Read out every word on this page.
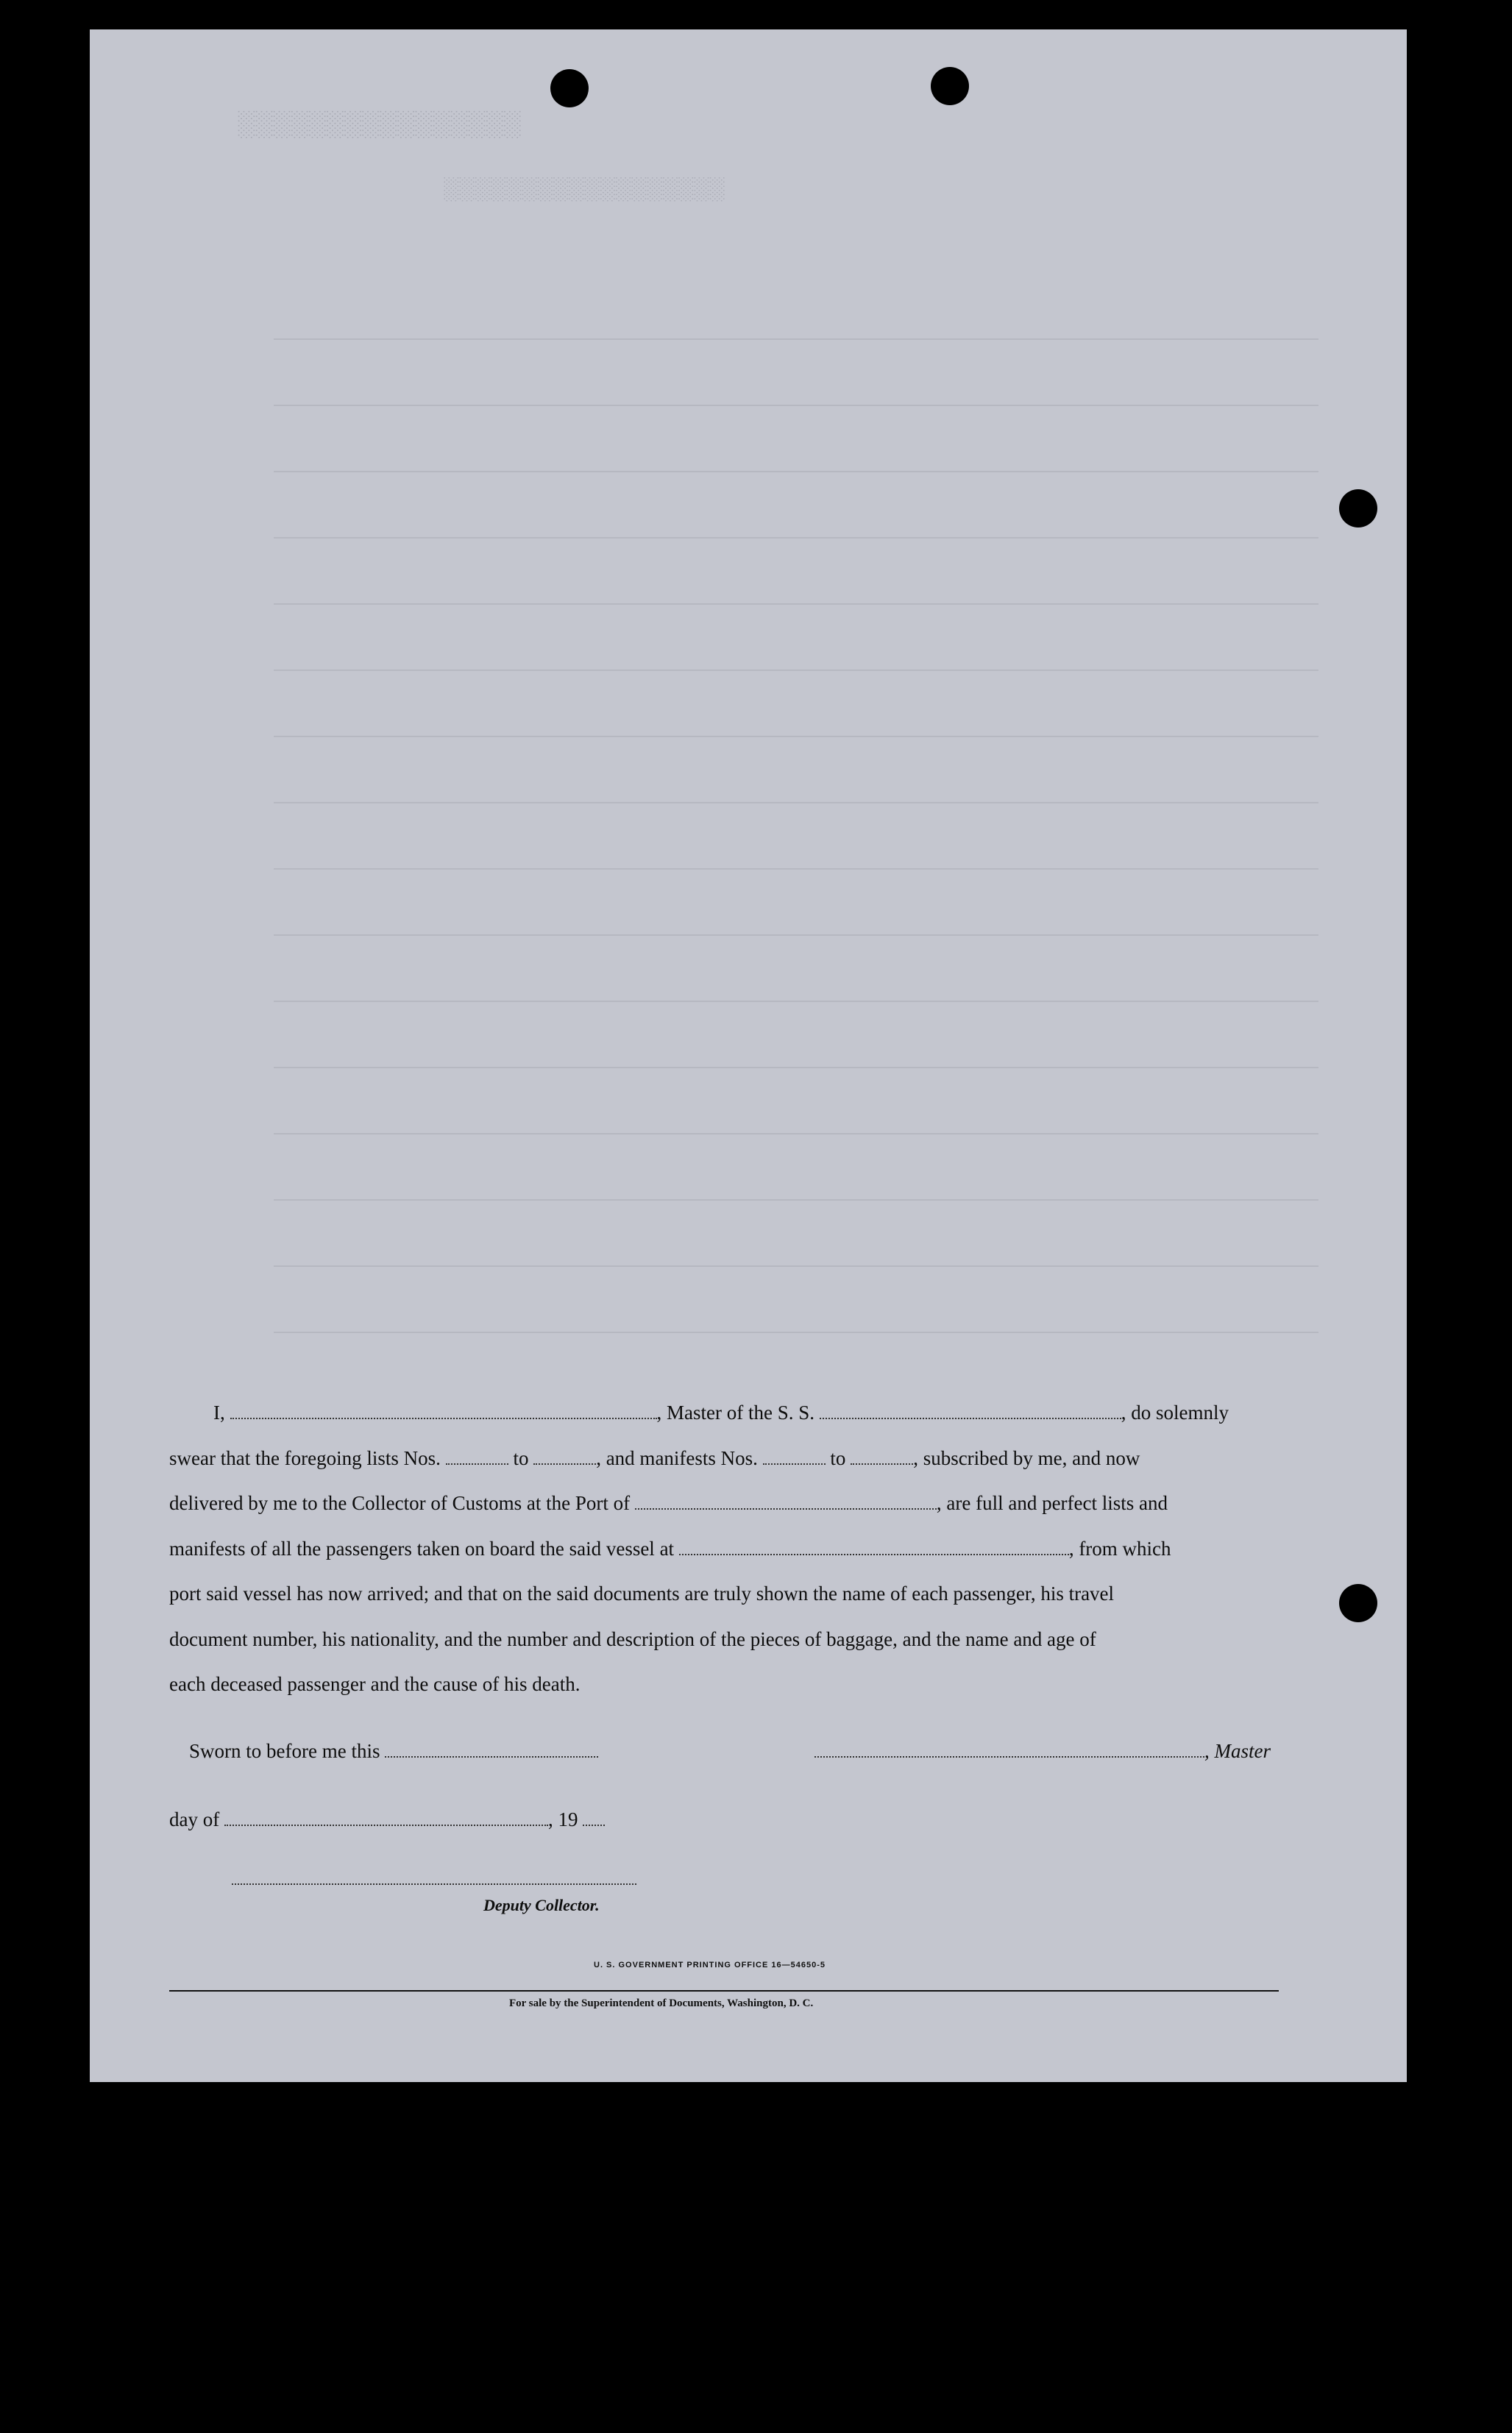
░░░░░░░░░░░░░░░░
░░░░░░░░░░░░░░░░░░

I,	, Master of the S. S.	, do solemnly

swear that the foregoing lists Nos.	to	, and manifests Nos.	to	, subscribed by me, and now

delivered by me to the Collector of Customs at the Port of	, are full and perfect lists and

manifests of all the passengers taken on board the said vessel at	, from which

port said vessel has now arrived; and that on the said documents are truly shown the name of each passenger, his travel

document number, his nationality, and the number and description of the pieces of baggage, and the name and age of

each deceased passenger and the cause of his death.

Sworn to before me this	, Master
day of	, 19
Deputy Collector.
U. S. GOVERNMENT PRINTING OFFICE 16—54650-5
For sale by the Superintendent of Documents, Washington, D. C.
